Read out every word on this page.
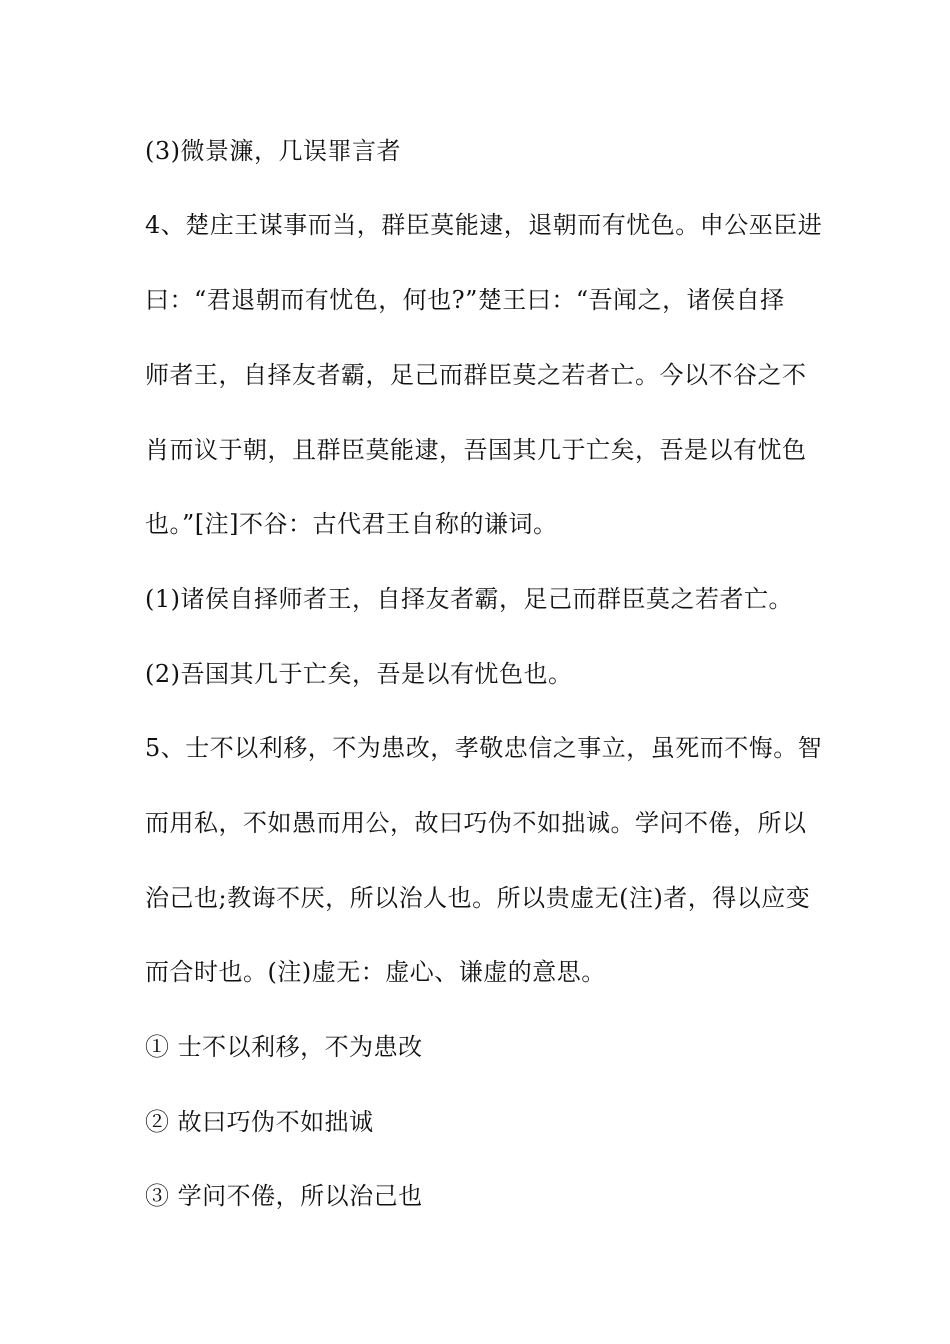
(3)微景濂，几误罪言者

4、楚庄王谋事而当，群臣莫能逮，退朝而有忧色。申公巫臣进

曰：“君退朝而有忧色，何也?”楚王曰：“吾闻之，诸侯自择

师者王，自择友者霸，足己而群臣莫之若者亡。今以不谷之不

肖而议于朝，且群臣莫能逮，吾国其几于亡矣，吾是以有忧色

也。”[注]不谷：古代君王自称的谦词。

(1)诸侯自择师者王，自择友者霸，足己而群臣莫之若者亡。

(2)吾国其几于亡矣，吾是以有忧色也。

5、士不以利移，不为患改，孝敬忠信之事立，虽死而不悔。智

而用私，不如愚而用公，故曰巧伪不如拙诚。学问不倦，所以

治己也;教诲不厌，所以治人也。所以贵虚无(注)者，得以应变

而合时也。(注)虚无：虚心、谦虚的意思。

① 士不以利移，不为患改

② 故曰巧伪不如拙诚

③ 学问不倦，所以治己也
